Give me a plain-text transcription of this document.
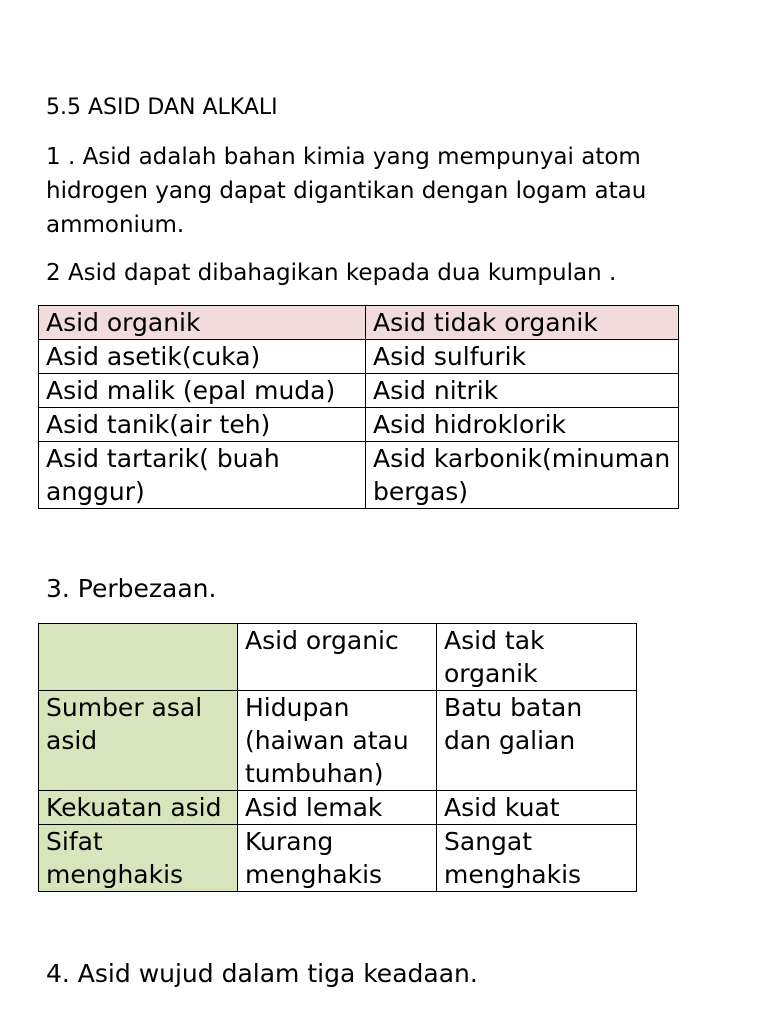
5.5 ASID DAN ALKALI
1 . Asid adalah bahan kimia yang mempunyai atom hidrogen yang dapat digantikan dengan logam atau ammonium.
2 Asid dapat dibahagikan kepada dua kumpulan .
Asid organik	Asid tidak organik
Asid asetik(cuka)	Asid sulfurik
Asid malik (epal muda)	Asid nitrik
Asid tanik(air teh)	Asid hidroklorik
Asid tartarik( buah anggur)	Asid karbonik(minuman bergas)
3. Perbezaan.
	Asid organic	Asid tak organik
Sumber asal asid	Hidupan (haiwan atau tumbuhan)	Batu batan dan galian
Kekuatan asid	Asid lemak	Asid kuat
Sifat menghakis	Kurang menghakis	Sangat menghakis
4. Asid wujud dalam tiga keadaan.
